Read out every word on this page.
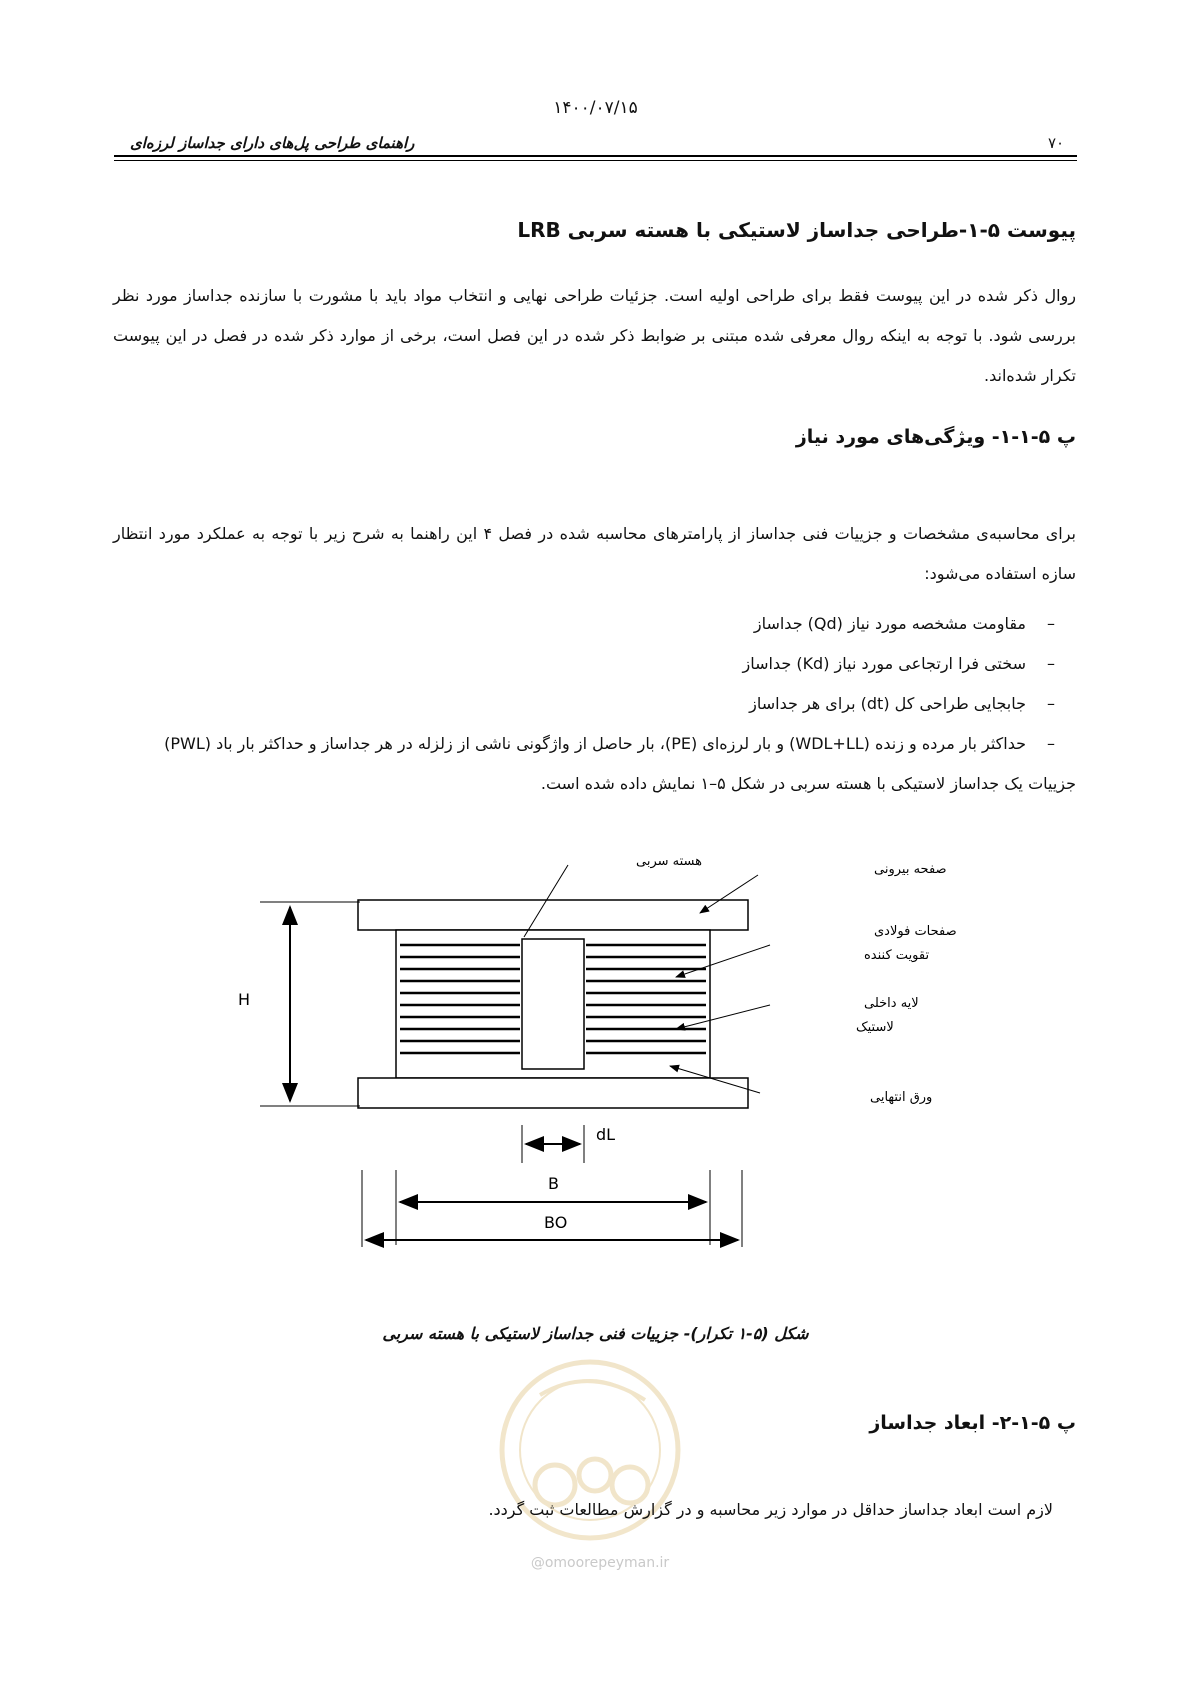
۱۴۰۰/۰۷/۱۵
راهنمای طراحی پل‌های دارای جداساز لرزه‌ای	۷۰
پیوست ۵-۱-طراحی جداساز لاستیکی با هسته سربی LRB

روال ذکر شده در این پیوست فقط برای طراحی اولیه است. جزئیات طراحی نهایی و انتخاب مواد باید با مشورت با سازنده جداساز مورد نظر بررسی شود. با توجه به اینکه روال معرفی شده مبتنی بر ضوابط ذکر شده در این فصل است، برخی از موارد ذکر شده در فصل در این پیوست تکرار شده‌اند.

پ ۵-۱-۱- ویژگی‌های مورد نیاز

برای محاسبه‌ی مشخصات و جزییات فنی جداساز از پارامترهای محاسبه شده در فصل ۴ این راهنما به شرح زیر با توجه به عملکرد مورد انتظار سازه استفاده می‌شود:

–مقاومت مشخصه مورد نیاز (Qd) جداساز
–سختی فرا ارتجاعی مورد نیاز (Kd) جداساز
–جابجایی طراحی کل (dt) برای هر جداساز
–حداکثر بار مرده و زنده (WDL+LL) و بار لرزه‌ای (PE)، بار حاصل از واژگونی ناشی از زلزله در هر جداساز و حداکثر بار باد (PWL)

جزییات یک جداساز لاستیکی با هسته سربی در شکل ۵–۱ نمایش داده شده است.

H
dL
B
BO
هسته سربی
صفحه بیرونی
صفحات فولادی
تقویت کننده
لایه داخلی
لاستیک
ورق انتهایی
شکل (۵-۱ تکرار)- جزییات فنی جداساز لاستیکی با هسته سربی
@omoorepeyman.ir
پ ۵-۱-۲- ابعاد جداساز

لازم است ابعاد جداساز حداقل در موارد زیر محاسبه و در گزارش مطالعات ثبت گردد.
